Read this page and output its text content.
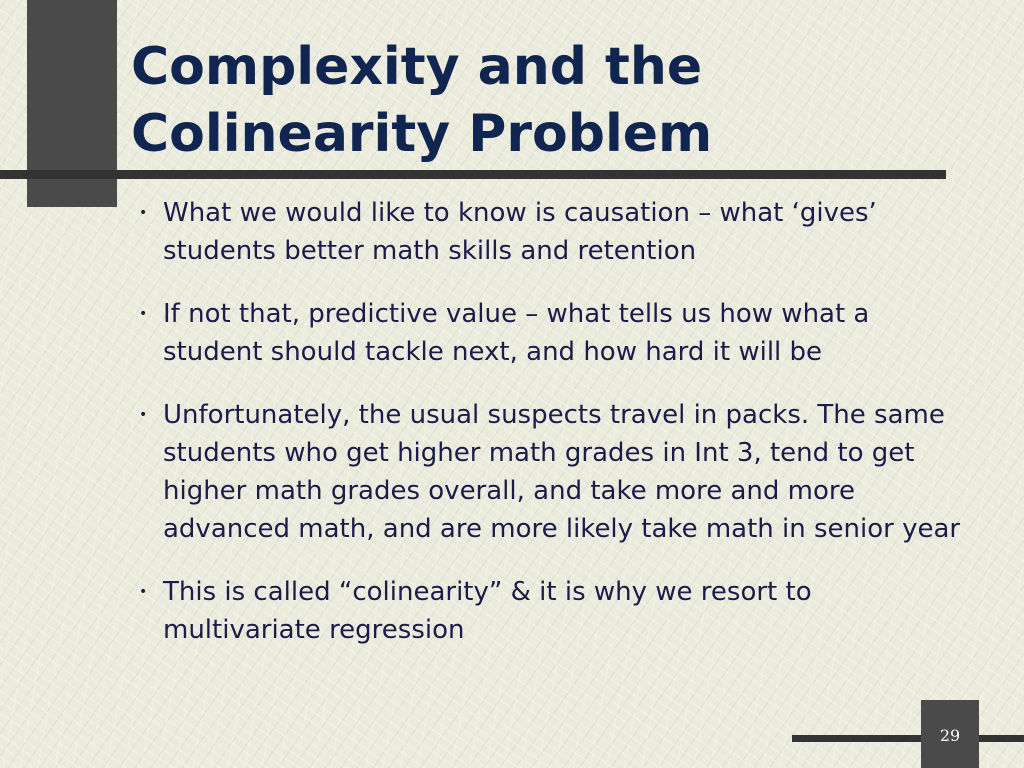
Complexity and the
Colinearity Problem
• What we would like to know is causation – what ‘gives’ students better math skills and retention
• If not that, predictive value – what tells us how what a student should tackle next, and how hard it will be
• Unfortunately, the usual suspects travel in packs. The same students who get higher math grades in Int 3, tend to get higher math grades overall, and take more and more advanced math, and are more likely take math in senior year
• This is called “colinearity” & it is why we resort to multivariate regression
29
